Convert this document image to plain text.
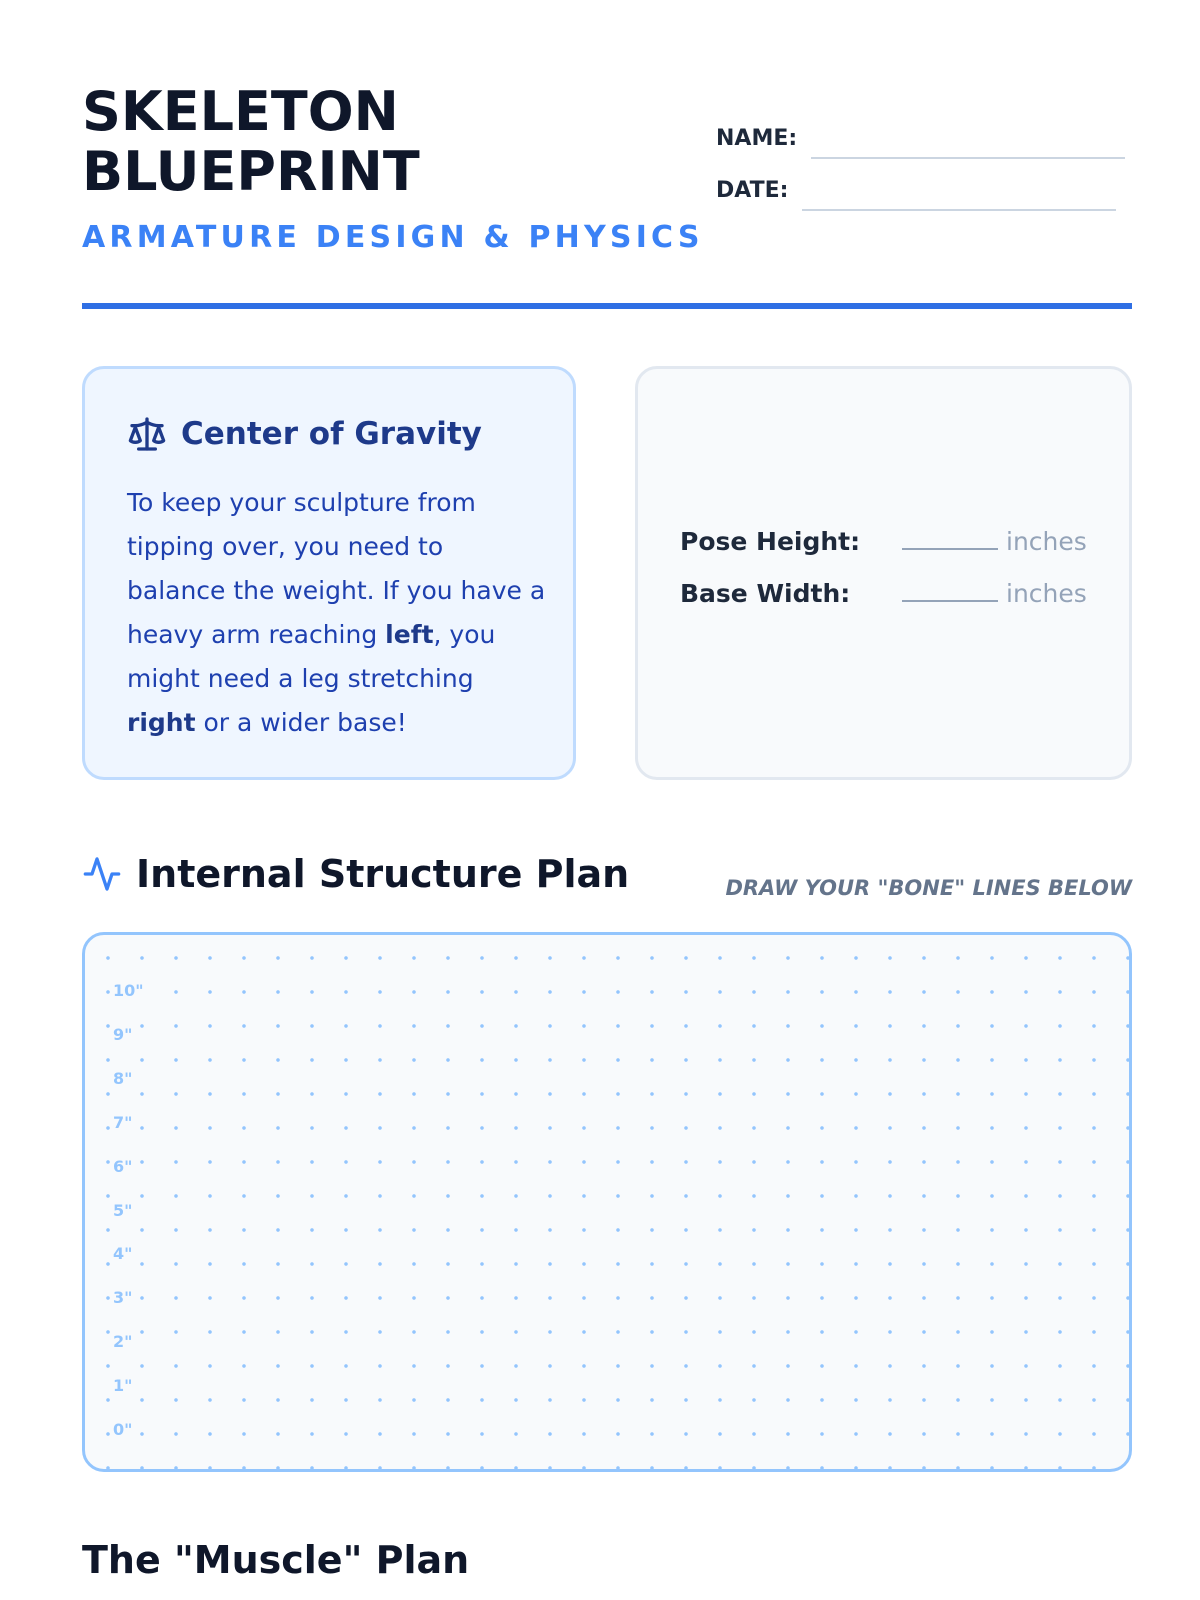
SKELETON
BLUEPRINT
ARMATURE DESIGN & PHYSICS
NAME:
DATE:
Center of Gravity
To keep your sculpture from tipping over, you need to balance the weight. If you have a heavy arm reaching left, you might need a leg stretching right or a wider base!
Pose Height:	inches
Base Width:	inches
Internal Structure Plan	DRAW YOUR "BONE" LINES BELOW
10"
9"
8"
7"
6"
5"
4"
3"
2"
1"
0"
The "Muscle" Plan
